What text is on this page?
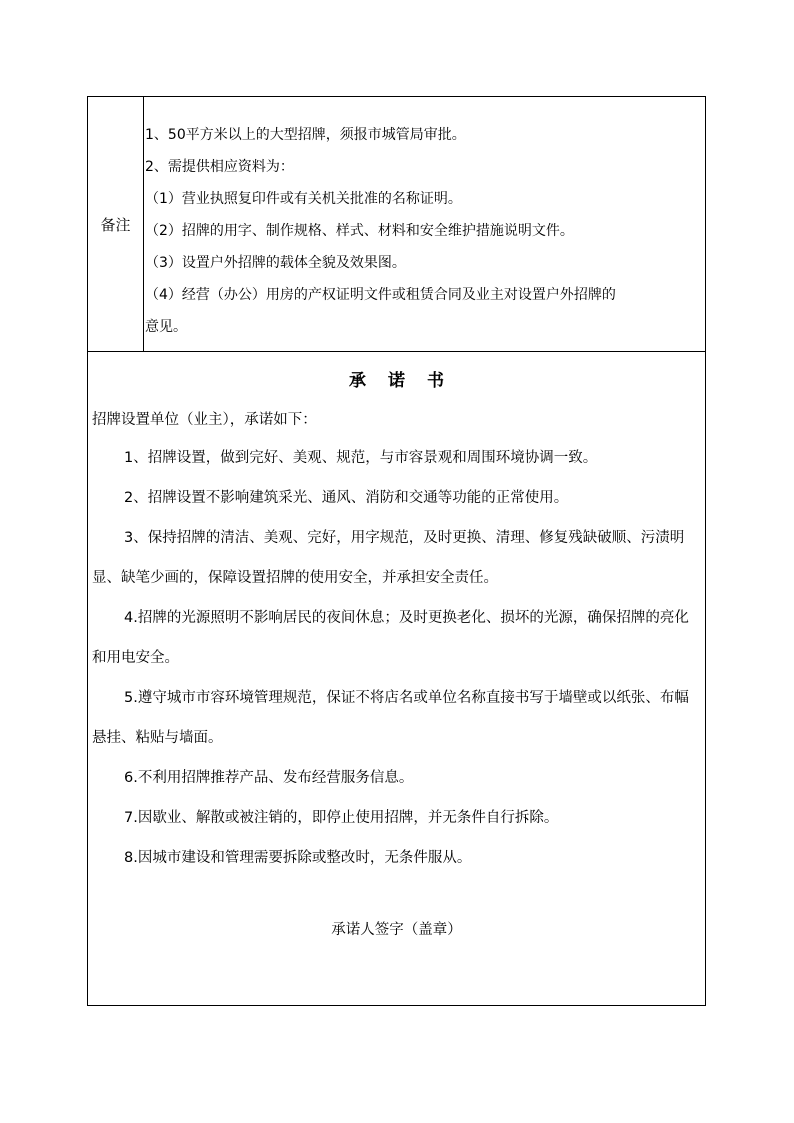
备注
1、50平方米以上的大型招牌，须报市城管局审批。
2、需提供相应资料为：
（1）营业执照复印件或有关机关批准的名称证明。
（2）招牌的用字、制作规格、样式、材料和安全维护措施说明文件。
（3）设置户外招牌的载体全貌及效果图。
（4）经营（办公）用房的产权证明文件或租赁合同及业主对设置户外招牌的
意见。
承诺书
招牌设置单位（业主），承诺如下：
1、招牌设置，做到完好、美观、规范，与市容景观和周围环境协调一致。
2、招牌设置不影响建筑采光、通风、消防和交通等功能的正常使用。
3、保持招牌的清洁、美观、完好，用字规范，及时更换、清理、修复残缺破顺、污渍明显、缺笔少画的，保障设置招牌的使用安全，并承担安全责任。
4.招牌的光源照明不影响居民的夜间休息；及时更换老化、损坏的光源，确保招牌的亮化和用电安全。
5.遵守城市市容环境管理规范，保证不将店名或单位名称直接书写于墙壁或以纸张、布幅悬挂、粘贴与墙面。
6.不利用招牌推荐产品、发布经营服务信息。
7.因歇业、解散或被注销的，即停止使用招牌，并无条件自行拆除。
8.因城市建设和管理需要拆除或整改时，无条件服从。
承诺人签字（盖章）
